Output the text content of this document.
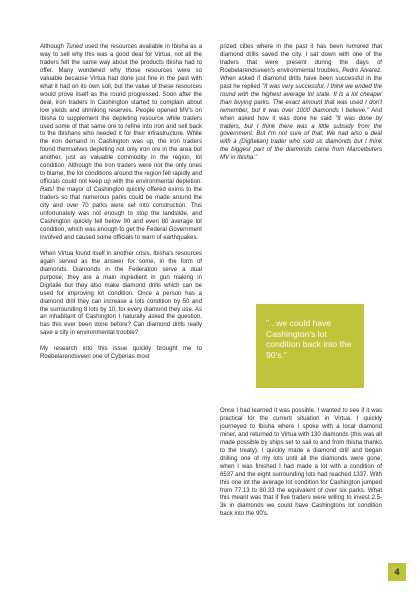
Although Tuned used the resources available in Ibisha as a way to sell why this was a good deal for Virtua, not all the traders felt the same way about the products Ibisha had to offer. Many wondered why those resources were so valuable because Virtua had done just fine in the past with what it had on its own soil, but the value of these resources would prove itself as the round progressed. Soon after the deal, iron traders in Cashington started to complain about low yields and shrinking reserves. People opened MV's on Ibisha to supplement the depleting resource while traders used some of that same ore to refine into iron and sell back to the Ibishans who needed it for their infrastructure. While the iron demand in Cashington was up, the iron traders found themselves depleting not only iron ore in the area but another, just as valuable commodity in the region, lot condition. Although the iron traders were not the only ones to blame, the lot conditions around the region fell rapidly and officials could not keep up with the environmental depletion. Rats! the mayor of Cashington quickly offered exims to the traders so that numerous parks could be made around the city and over 70 parks were set into construction. This unfortunately was not enough to stop the landslide, and Cashington quickly fell below 90 and even 80 average lot condition, which was enough to get the Federal Government involved and caused some officials to warn of earthquakes.

When Virtua found itself in another crisis, Ibisha's resources again served as the answer for some, in the form of diamonds. Diamonds in the Federation serve a dual purpose; they are a main ingredient in gun making in Digitalie but they also make diamond drills which can be used for improving lot condition. Once a person has a diamond drill they can increase a lots condition by 50 and the surrounding 8 lots by 10, for every diamond they use. As an inhabitant of Cashington I naturally asked the question, has this ever been done before? Can diamond drills really save a city in environmental trouble?

My research into this issue quickly brought me to Roebelarendsveen one of Cyberias most

prized cities where in the past it has been rumored that diamond drills saved the city. I sat down with one of the traders that were present during the days of Roebelarendsveen's environmental troubles, Pedro Alvarez. When asked if diamond drills have been successful in the past he replied "It was very successful, I think we ended the round with the highest average lot state. It is a lot cheaper than buying parks. The exact amount that was used I don't remember, but it was over 1000 diamonds I believe." And when asked how it was done he said "It was done by traders, but I think there was a little subsidy from the government. But I'm not sure of that. We had also a deal with a (Digitalian) trader who sold us diamonds but I think the biggest part of the diamonds came from Marcelbuters MV in Ibisha."

"...we could have Cashington's lot condition back into the 90's."

Once I had learned it was possible, I wanted to see if it was practical for the current situation in Virtua. I quickly journeyed to Ibisha where I spoke with a local diamond miner, and returned to Virtua with 130 diamonds (this was all made possible by ships set to sail to and from Ibisha thanks to the treaty). I quickly made a diamond drill and began drilling one of my lots until all the diamonds were gone, when I was finished I had made a lot with a condition of 6537 and the eight surrounding lots had reached 1337. With this one lot the average lot condition for Cashington jumped from 77.13 to 80.33 the equivalent of over six parks. What this meant was that if five traders were willing to invest 2.5-3k in diamonds we could have Cashingtons lot condition back into the 90's.

4
